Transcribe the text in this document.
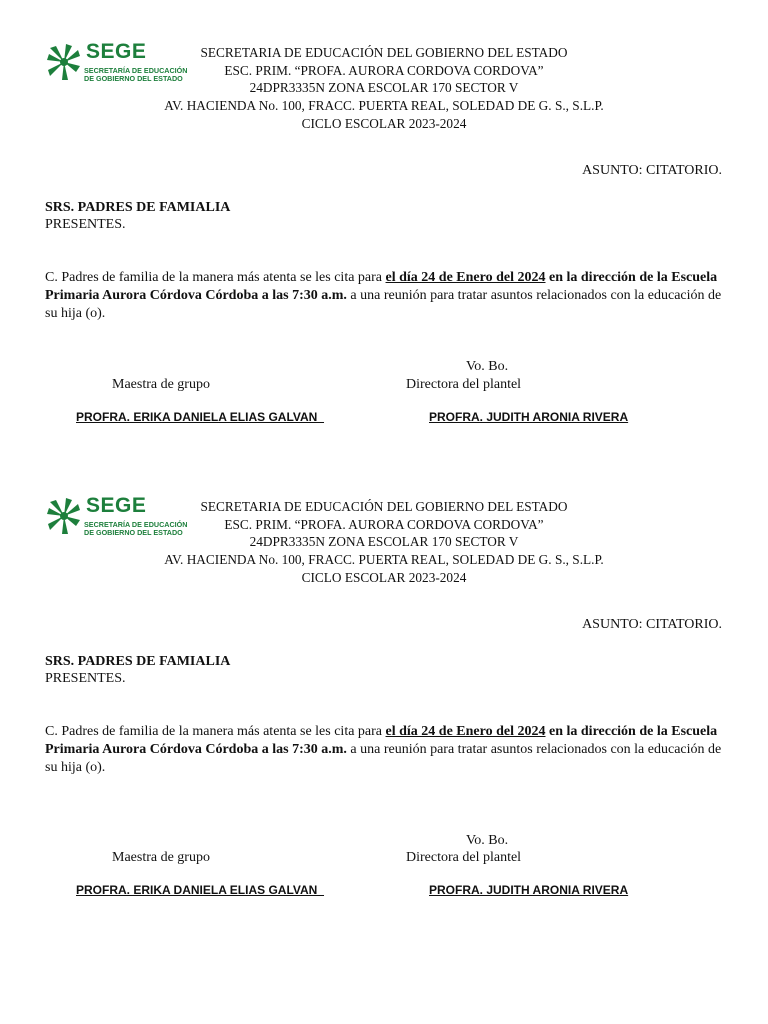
SEGE
SECRETARÍA DE EDUCACIÓN
DE GOBIERNO DEL ESTADO
SECRETARIA DE EDUCACIÓN DEL GOBIERNO DEL ESTADO
ESC. PRIM. “PROFA. AURORA CORDOVA CORDOVA”
24DPR3335N ZONA ESCOLAR 170 SECTOR V
AV. HACIENDA No. 100, FRACC. PUERTA REAL, SOLEDAD DE G. S., S.L.P.
CICLO ESCOLAR 2023-2024
ASUNTO: CITATORIO.
SRS. PADRES DE FAMIALIA
PRESENTES.
C. Padres de familia de la manera más atenta se les cita para el día 24 de Enero del 2024 en la dirección de la Escuela Primaria Aurora Córdova Córdoba a las 7:30 a.m. a una reunión para tratar asuntos relacionados con la educación de su hija (o).
Vo. Bo.
Maestra de grupo	Directora del plantel
PROFRA. ERIKA DANIELA ELIAS GALVAN	PROFRA. JUDITH ARONIA RIVERA
SEGE
SECRETARÍA DE EDUCACIÓN
DE GOBIERNO DEL ESTADO
SECRETARIA DE EDUCACIÓN DEL GOBIERNO DEL ESTADO
ESC. PRIM. “PROFA. AURORA CORDOVA CORDOVA”
24DPR3335N ZONA ESCOLAR 170 SECTOR V
AV. HACIENDA No. 100, FRACC. PUERTA REAL, SOLEDAD DE G. S., S.L.P.
CICLO ESCOLAR 2023-2024
ASUNTO: CITATORIO.
SRS. PADRES DE FAMIALIA
PRESENTES.
C. Padres de familia de la manera más atenta se les cita para el día 24 de Enero del 2024 en la dirección de la Escuela Primaria Aurora Córdova Córdoba a las 7:30 a.m. a una reunión para tratar asuntos relacionados con la educación de su hija (o).
Vo. Bo.
Maestra de grupo	Directora del plantel
PROFRA. ERIKA DANIELA ELIAS GALVAN	PROFRA. JUDITH ARONIA RIVERA
